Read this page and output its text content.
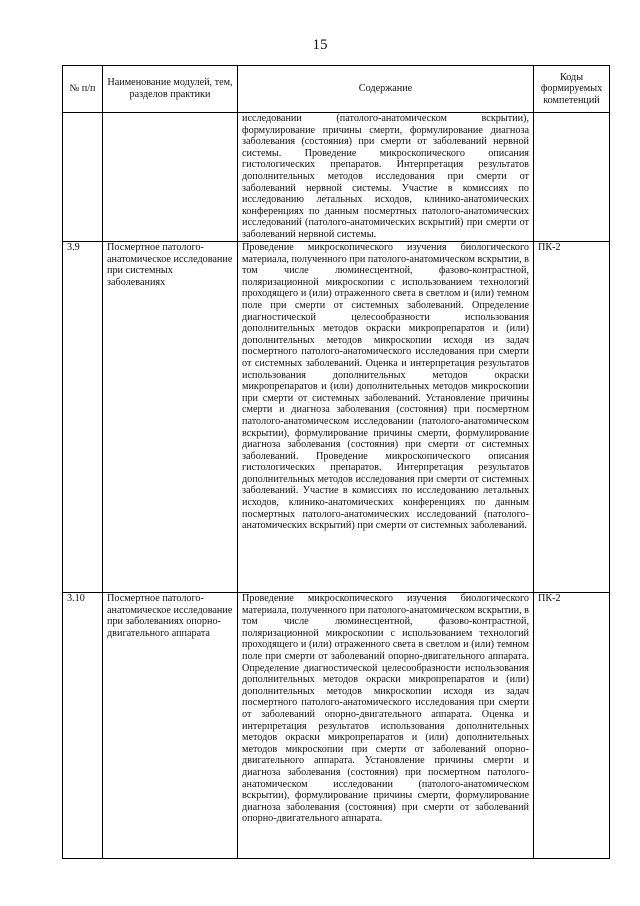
15
№ п/п	Наименование модулей, тем, разделов практики	Содержание	Коды формируемых компетенций
		исследовании (патолого-анатомическом вскрытии), формулирование причины смерти, формулирование диагноза заболевания (состояния) при смерти от заболеваний нервной системы. Проведение микроскопического описания гистологических препаратов. Интерпретация результатов дополнительных методов исследования при смерти от заболеваний нервной системы. Участие в комиссиях по исследованию летальных исходов, клинико-анатомических конференциях по данным посмертных патолого-анатомических исследований (патолого-анатомических вскрытий) при смерти от заболеваний нервной системы.	
3.9	Посмертное патолого-анатомическое исследование при системных заболеваниях	Проведение микроскопического изучения биологического материала, полученного при патолого-анатомическом вскрытии, в том числе люминесцентной, фазово-контрастной, поляризационной микроскопии с использованием технологий проходящего и (или) отраженного света в светлом и (или) темном поле при смерти от системных заболеваний. Определение диагностической целесообразности использования дополнительных методов окраски микропрепаратов и (или) дополнительных методов микроскопии исходя из задач посмертного патолого-анатомического исследования при смерти от системных заболеваний. Оценка и интерпретация результатов использования дополнительных методов окраски микропрепаратов и (или) дополнительных методов микроскопии при смерти от системных заболеваний. Установление причины смерти и диагноза заболевания (состояния) при посмертном патолого-анатомическом исследовании (патолого-анатомическом вскрытии), формулирование причины смерти, формулирование диагноза заболевания (состояния) при смерти от системных заболеваний. Проведение микроскопического описания гистологических препаратов. Интерпретация результатов дополнительных методов исследования при смерти от системных заболеваний. Участие в комиссиях по исследованию летальных исходов, клинико-анатомических конференциях по данным посмертных патолого-анатомических исследований (патолого-анатомических вскрытий) при смерти от системных заболеваний.	ПК-2
3.10	Посмертное патолого-анатомическое исследование при заболеваниях опорно-двигательного аппарата	Проведение микроскопического изучения биологического материала, полученного при патолого-анатомическом вскрытии, в том числе люминесцентной, фазово-контрастной, поляризационной микроскопии с использованием технологий проходящего и (или) отраженного света в светлом и (или) темном поле при смерти от заболеваний опорно-двигательного аппарата. Определение диагностической целесообразности использования дополнительных методов окраски микропрепаратов и (или) дополнительных методов микроскопии исходя из задач посмертного патолого-анатомического исследования при смерти от заболеваний опорно-двигательного аппарата. Оценка и интерпретация результатов использования дополнительных методов окраски микропрепаратов и (или) дополнительных методов микроскопии при смерти от заболеваний опорно-двигательного аппарата. Установление причины смерти и диагноза заболевания (состояния) при посмертном патолого-анатомическом исследовании (патолого-анатомическом вскрытии), формулирование причины смерти, формулирование диагноза заболевания (состояния) при смерти от заболеваний опорно-двигательного аппарата.	ПК-2
